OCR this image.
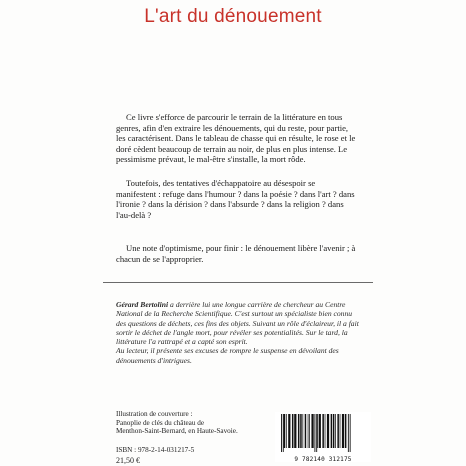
L'art du dénouement

Ce livre s'efforce de parcourir le terrain de la littérature en tous genres, afin d'en extraire les dénouements, qui du reste, pour partie, les caractérisent. Dans le tableau de chasse qui en résulte, le rose et le doré cèdent beaucoup de terrain au noir, de plus en plus intense. Le pessimisme prévaut, le mal-être s'installe, la mort rôde.

Toutefois, des tentatives d'échappatoire au désespoir se manifestent : refuge dans l'humour ? dans la poésie ? dans l'art ? dans l'ironie ? dans la dérision ? dans l'absurde ? dans la religion ? dans l'au-delà ?

Une note d'optimisme, pour finir : le dénouement libère l'avenir ; à chacun de se l'approprier.

Gérard Bertolini a derrière lui une longue carrière de chercheur au Centre National de la Recherche Scientifique. C'est surtout un spécialiste bien connu des questions de déchets, ces fins des objets. Suivant un rôle d'éclaireur, il a fait sortir le déchet de l'angle mort, pour révéler ses potentialités. Sur le tard, la littérature l'a rattrapé et a capté son esprit.

Au lecteur, il présente ses excuses de rompre le suspense en dévoilant des dénouements d'intrigues.

Illustration de couverture :
Panoplie de clés du château de
Menthon-Saint-Bernard, en Haute-Savoie.
ISBN : 978-2-14-031217-5
21,50 €	9 782140 312175
